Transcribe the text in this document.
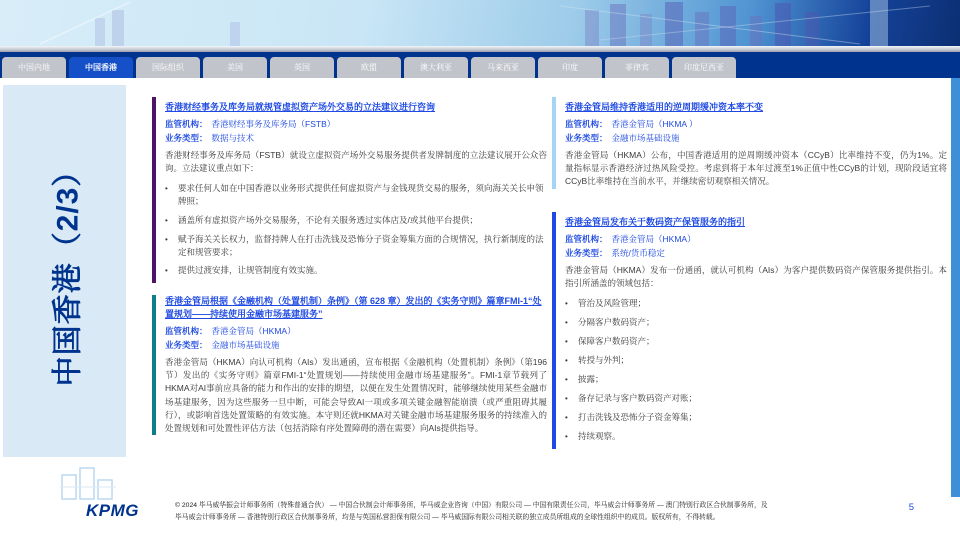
中国内地	中国香港	国际组织	美国	英国	欧盟	澳大利亚	马来西亚	印度	菲律宾	印度尼西亚
中国香港（2/3）
香港财经事务及库务局就规管虚拟资产场外交易的立法建议进行咨询
监管机构： 香港财经事务及库务局（FSTB）
业务类型： 数据与技术

香港财经事务及库务局（FSTB）就设立虚拟资产场外交易服务提供者发牌制度的立法建议展开公众咨询。立法建议重点如下：

•	要求任何人如在中国香港以业务形式提供任何虚拟资产与金钱现货交易的服务，须向海关关长申领牌照；
•	涵盖所有虚拟资产场外交易服务，不论有关服务透过实体店及/或其他平台提供；
•	赋予海关关长权力，监督持牌人在打击洗钱及恐怖分子资金筹集方面的合规情况，执行新制度的法定和规管要求；
•	提供过渡安排，让规管制度有效实施。
香港金管局根据《金融机构（处置机制）条例》（第 628 章）发出的《实务守则》篇章FMI-1“处置规划——持续使用金融市场基建服务”
监管机构： 香港金管局（HKMA）
业务类型： 金融市场基础设施

香港金管局（HKMA）向认可机构（AIs）发出通函，宣布根据《金融机构（处置机制）条例》（第196节）发出的《实务守则》篇章FMI-1“处置规划——持续使用金融市场基建服务”。FMI-1章节载列了HKMA对AI事前应具备的能力和作出的安排的期望，以便在发生处置情况时，能够继续使用某些金融市场基建服务，因为这些服务一旦中断，可能会导致AI一项或多项关键金融智能崩溃（或严重阻碍其履行），或影响首选处置策略的有效实施。本守则还就HKMA对关键金融市场基建服务服务的持续准入的处置规划和可处置性评估方法（包括消除有序处置障碍的潜在需要）向AIs提供指导。

香港金管局维持香港适用的逆周期缓冲资本率不变
监管机构： 香港金管局（HKMA ）
业务类型： 金融市场基础设施

香港金管局（HKMA）公布，中国香港适用的逆周期缓冲资本（CCyB）比率维持不变，仍为1%。定量指标显示香港经济过热风险受控。考虑到将于本年过渡至1%正值中性CCyB的计划，现阶段适宜将CCyB比率维持在当前水平，并继续密切观察相关情况。

香港金管局发布关于数码资产保管服务的指引
监管机构： 香港金管局（HKMA）
业务类型： 系统/货币稳定

香港金管局（HKMA）发布一份通函，就认可机构（AIs）为客户提供数码资产保管服务提供指引。本指引所涵盖的领域包括：

•	管治及风险管理；
•	分隔客户数码资产；
•	保障客户数码资产；
•	转授与外判；
•	披露；
•	备存记录与客户数码资产对账；
•	打击洗钱及恐怖分子资金筹集；
•	持续观察。
KPMG	© 2024 毕马威华振会计师事务所（特殊普通合伙） — 中国合伙制会计师事务所，毕马威企业咨询（中国）有限公司 — 中国有限责任公司，毕马威会计师事务所 — 澳门特别行政区合伙制事务所，及
毕马威会计师事务所 — 香港特别行政区合伙制事务所，均是与英国私营担保有限公司 — 毕马威国际有限公司相关联的独立成员所组成的全球性组织中的成员。版权所有，不得转载。
5
